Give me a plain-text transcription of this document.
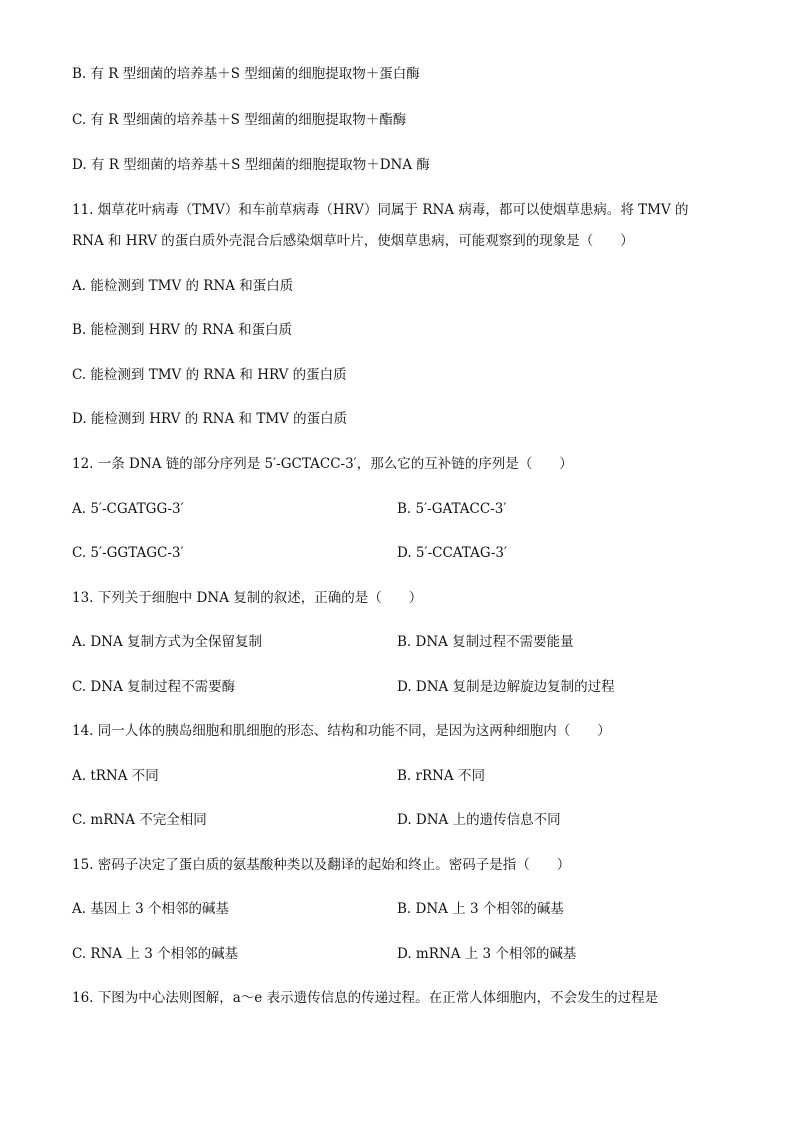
B. 有 R 型细菌的培养基＋S 型细菌的细胞提取物＋蛋白酶
C. 有 R 型细菌的培养基＋S 型细菌的细胞提取物＋酯酶
D. 有 R 型细菌的培养基＋S 型细菌的细胞提取物＋DNA 酶
11. 烟草花叶病毒（TMV）和车前草病毒（HRV）同属于 RNA 病毒，都可以使烟草患病。将 TMV 的
RNA 和 HRV 的蛋白质外壳混合后感染烟草叶片，使烟草患病，可能观察到的现象是（　　）
A. 能检测到 TMV 的 RNA 和蛋白质
B. 能检测到 HRV 的 RNA 和蛋白质
C. 能检测到 TMV 的 RNA 和 HRV 的蛋白质
D. 能检测到 HRV 的 RNA 和 TMV 的蛋白质
12. 一条 DNA 链的部分序列是 5′-GCTACC-3′，那么它的互补链的序列是（　　）
A. 5′-CGATGG-3′	B. 5′-GATACC-3′
C. 5′-GGTAGC-3′	D. 5′-CCATAG-3′
13. 下列关于细胞中 DNA 复制的叙述，正确的是（　　）
A. DNA 复制方式为全保留复制	B. DNA 复制过程不需要能量
C. DNA 复制过程不需要酶	D. DNA 复制是边解旋边复制的过程
14. 同一人体的胰岛细胞和肌细胞的形态、结构和功能不同，是因为这两种细胞内（　　）
A. tRNA 不同	B. rRNA 不同
C. mRNA 不完全相同	D. DNA 上的遗传信息不同
15. 密码子决定了蛋白质的氨基酸种类以及翻译的起始和终止。密码子是指（　　）
A. 基因上 3 个相邻的碱基	B. DNA 上 3 个相邻的碱基
C. RNA 上 3 个相邻的碱基	D. mRNA 上 3 个相邻的碱基
16. 下图为中心法则图解，a～e 表示遗传信息的传递过程。在正常人体细胞内，不会发生的过程是
